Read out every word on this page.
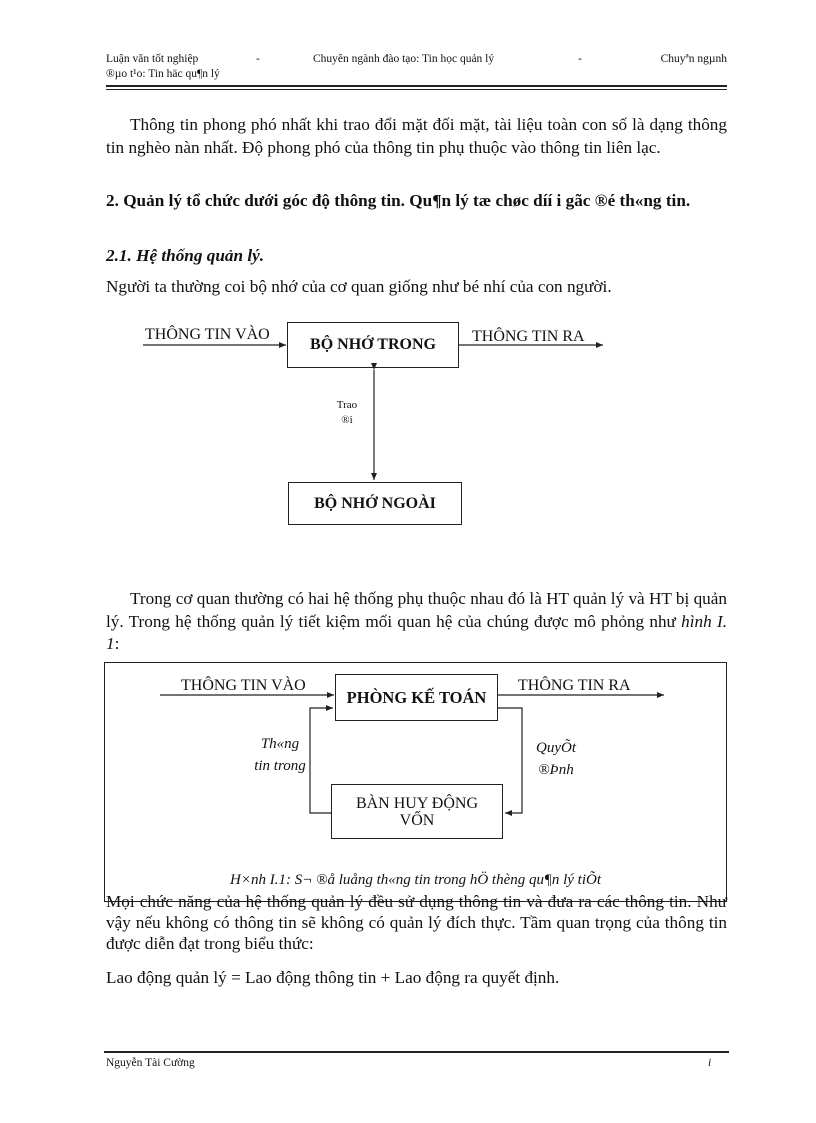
Luận văn tốt nghiệp	-	Chuyên ngành đào tạo: Tin học quản lý	-	Chuyªn ngµnh
®µo t¹o: Tin häc qu¶n lý
Thông tin phong phó nhất khi trao đổi mặt đối mặt, tài liệu toàn con số là dạng thông tin nghèo nàn nhất. Độ phong phó của thông tin phụ thuộc vào thông tin liên lạc.
2. Quản lý tổ chức dưới góc độ thông tin. Qu¶n lý tæ chøc díí i gãc ®é th«ng tin.
2.1. Hệ thống quản lý.
Người ta thường coi bộ nhớ của cơ quan giống như bé nhí của con người.
THÔNG TIN VÀO
BỘ NHỚ TRONG	THÔNG TIN RA
Trao ®i
BỘ NHỚ NGOÀI
Trong cơ quan thường có hai hệ thống phụ thuộc nhau đó là HT quản lý và HT bị quản lý. Trong hệ thống quản lý tiết kiệm mối quan hệ của chúng được mô phỏng như hình I. 1:
THÔNG TIN VÀO
PHÒNG KẾ TOÁN
THÔNG TIN RA
Th«ng tin trong
QuyÕt ®Þnh
BÀN HUY ĐỘNG VỐN
H×nh I.1: S¬ ®å luång th«ng tin trong hÖ thèng qu¶n lý tiÕt
Mọi chức năng của hệ thống quản lý đều sử dụng thông tin và đưa ra các thông tin. Như vậy nếu không có thông tin sẽ không có quản lý đích thực. Tầm quan trọng của thông tin được diễn đạt trong biểu thức:
Lao động quản lý = Lao động thông tin + Lao động ra quyết định.
Nguyễn Tài Cường	i
